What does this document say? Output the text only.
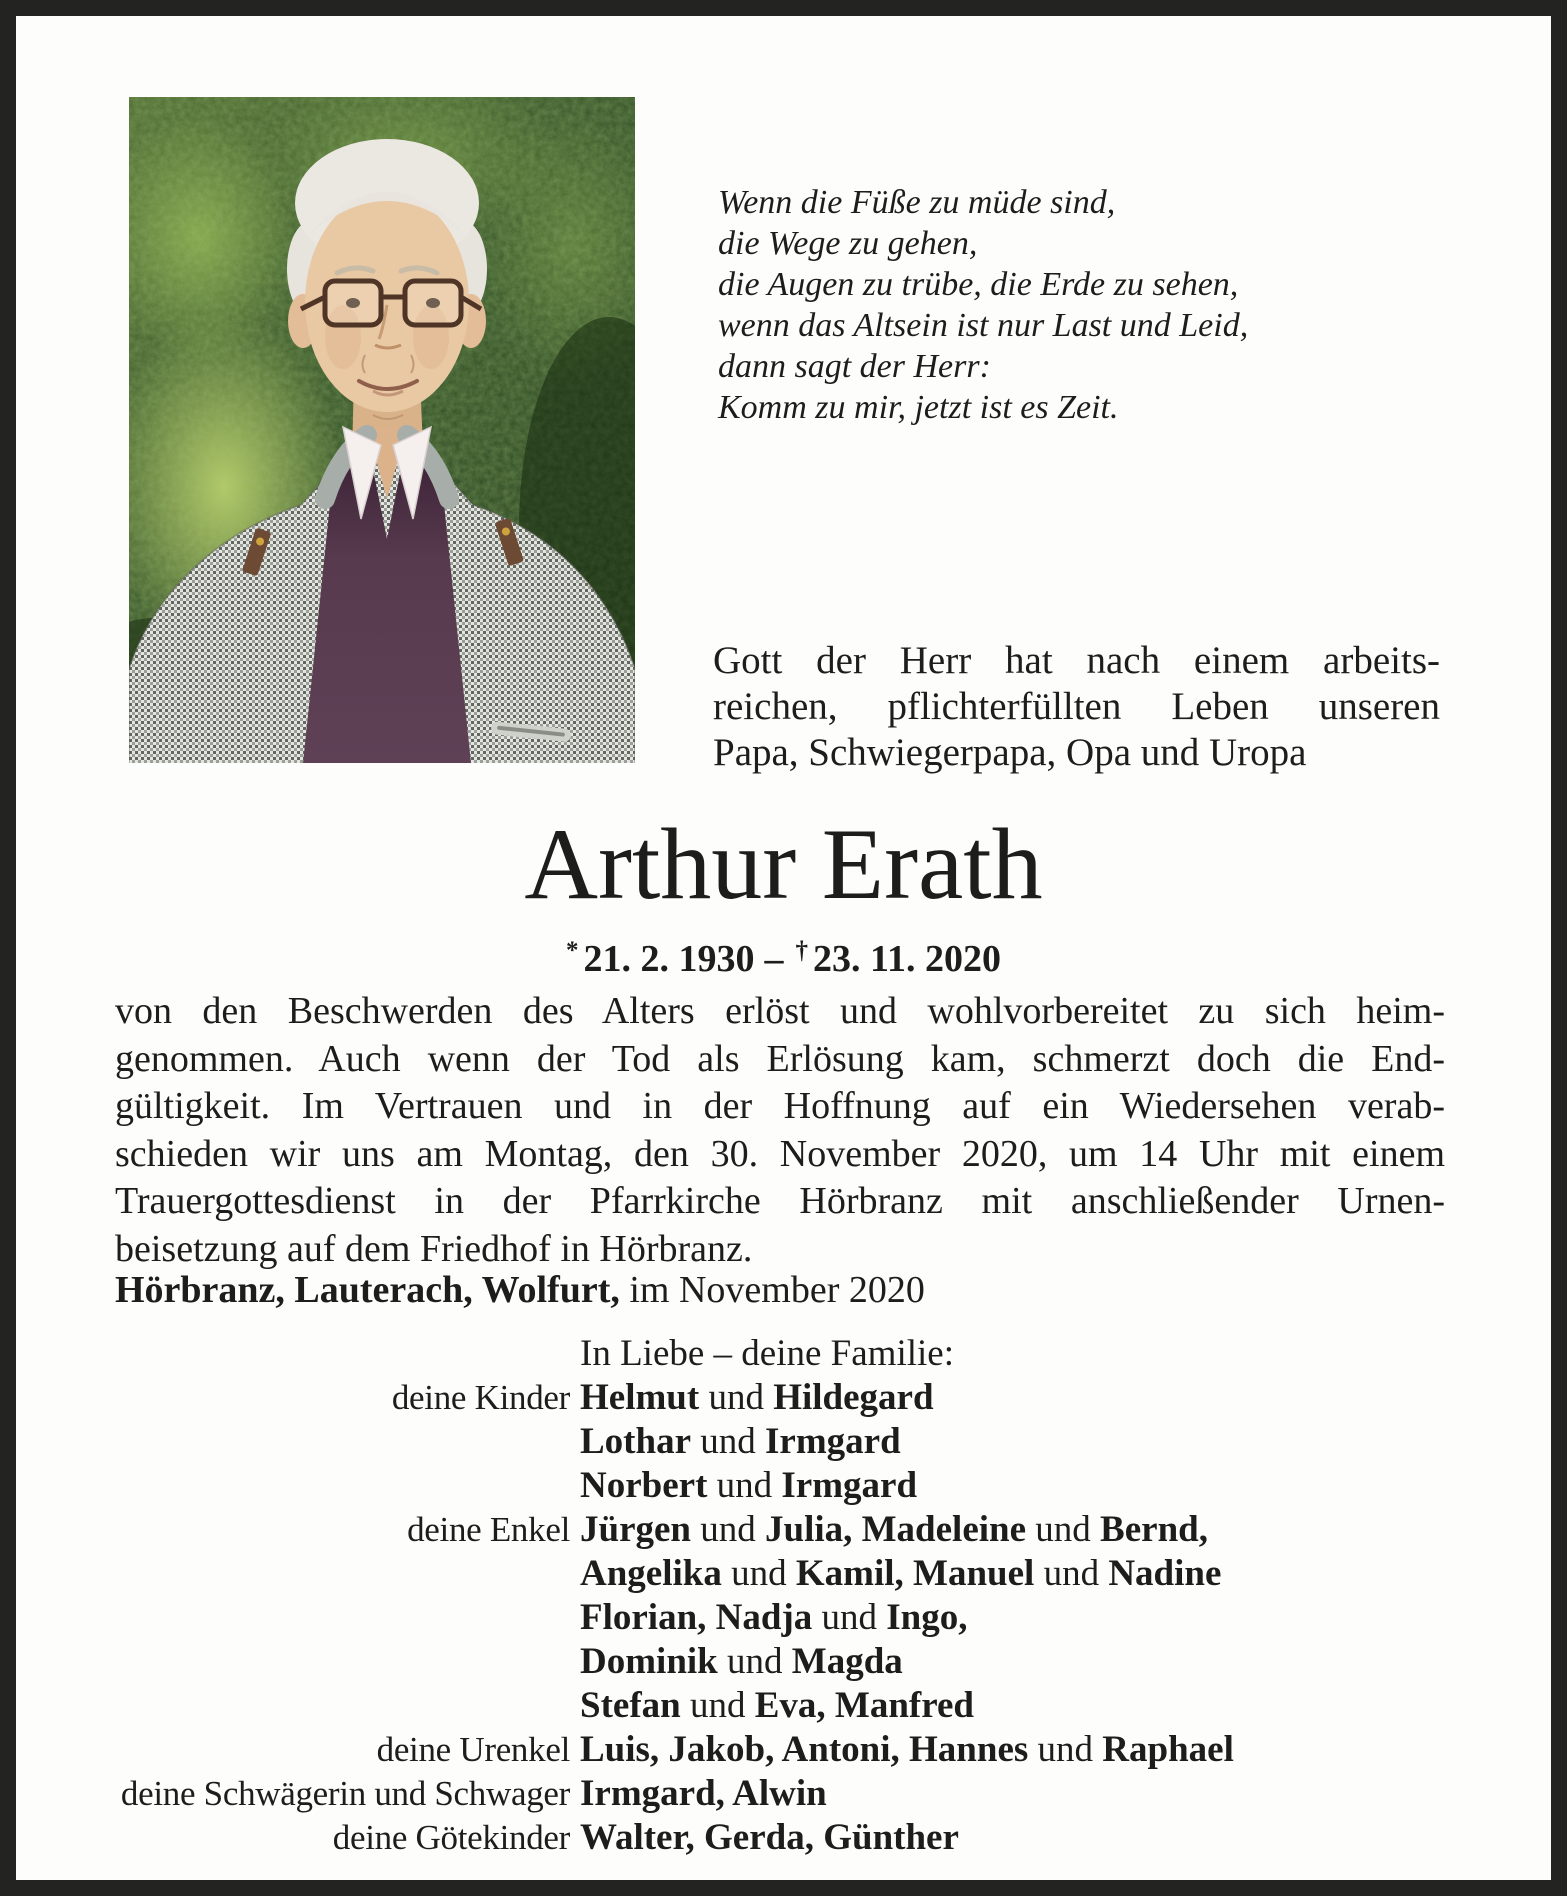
Wenn die Füße zu müde sind,
die Wege zu gehen,
die Augen zu trübe, die Erde zu sehen,
wenn das Altsein ist nur Last und Leid,
dann sagt der Herr:
Komm zu mir, jetzt ist es Zeit.
Gott der Herr hat nach einem arbeits-
reichen, pflichterfüllten Leben unseren
Papa, Schwiegerpapa, Opa und Uropa
Arthur Erath
* 21. 2. 1930 – † 23. 11. 2020
von den Beschwerden des Alters erlöst und wohlvorbereitet zu sich heim-
genommen. Auch wenn der Tod als Erlösung kam, schmerzt doch die End-
gültigkeit. Im Vertrauen und in der Hoffnung auf ein Wiedersehen verab-
schieden wir uns am Montag, den 30. November 2020, um 14 Uhr mit einem
Trauergottesdienst in der Pfarrkirche Hörbranz mit anschließender Urnen-
beisetzung auf dem Friedhof in Hörbranz.
Hörbranz, Lauterach, Wolfurt, im November 2020
In Liebe – deine Familie:
deine Kinder Helmut und Hildegard
Lothar und Irmgard
Norbert und Irmgard
deine Enkel Jürgen und Julia, Madeleine und Bernd,
Angelika und Kamil, Manuel und Nadine
Florian, Nadja und Ingo,
Dominik und Magda
Stefan und Eva, Manfred
deine Urenkel Luis, Jakob, Antoni, Hannes und Raphael
deine Schwägerin und Schwager Irmgard, Alwin
deine Götekinder Walter, Gerda, Günther
